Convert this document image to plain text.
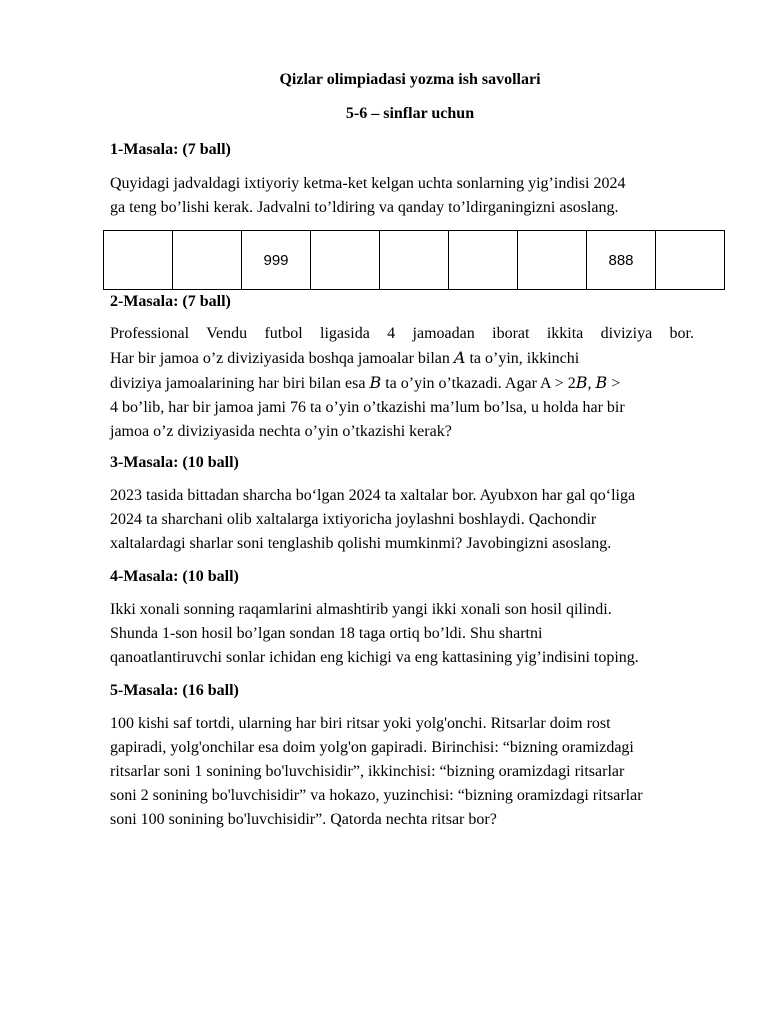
Qizlar olimpiadasi yozma ish savollari
5-6 – sinflar uchun
1-Masala: (7 ball)
Quyidagi jadvaldagi ixtiyoriy ketma-ket kelgan uchta sonlarning yig’indisi 2024
ga teng bo’lishi kerak. Jadvalni to’ldiring va qanday to’ldirganingizni asoslang.
		999					888	
2-Masala: (7 ball)
Professional Vendu futbol ligasida 4 jamoadan iborat ikkita diviziya bor.
Har bir jamoa o’z diviziyasida boshqa jamoalar bilan A ta o’yin, ikkinchi
diviziya jamoalarining har biri bilan esa B ta o’yin o’tkazadi. Agar A > 2B, B >
4 bo’lib, har bir jamoa jami 76 ta o’yin o’tkazishi ma’lum bo’lsa, u holda har bir
jamoa o’z diviziyasida nechta o’yin o’tkazishi kerak?
3-Masala: (10 ball)
2023 tasida bittadan sharcha bo‘lgan 2024 ta xaltalar bor. Ayubxon har gal qo‘liga
2024 ta sharchani olib xaltalarga ixtiyoricha joylashni boshlaydi. Qachondir
xaltalardagi sharlar soni tenglashib qolishi mumkinmi? Javobingizni asoslang.
4-Masala: (10 ball)
Ikki xonali sonning raqamlarini almashtirib yangi ikki xonali son hosil qilindi.
Shunda 1-son hosil bo’lgan sondan 18 taga ortiq bo’ldi. Shu shartni
qanoatlantiruvchi sonlar ichidan eng kichigi va eng kattasining yig’indisini toping.
5-Masala: (16 ball)
100 kishi saf tortdi, ularning har biri ritsar yoki yolg'onchi. Ritsarlar doim rost
gapiradi, yolg'onchilar esa doim yolg'on gapiradi. Birinchisi: “bizning oramizdagi
ritsarlar soni 1 sonining bo'luvchisidir”, ikkinchisi: “bizning oramizdagi ritsarlar
soni 2 sonining bo'luvchisidir” va hokazo, yuzinchisi: “bizning oramizdagi ritsarlar
soni 100 sonining bo'luvchisidir”. Qatorda nechta ritsar bor?
